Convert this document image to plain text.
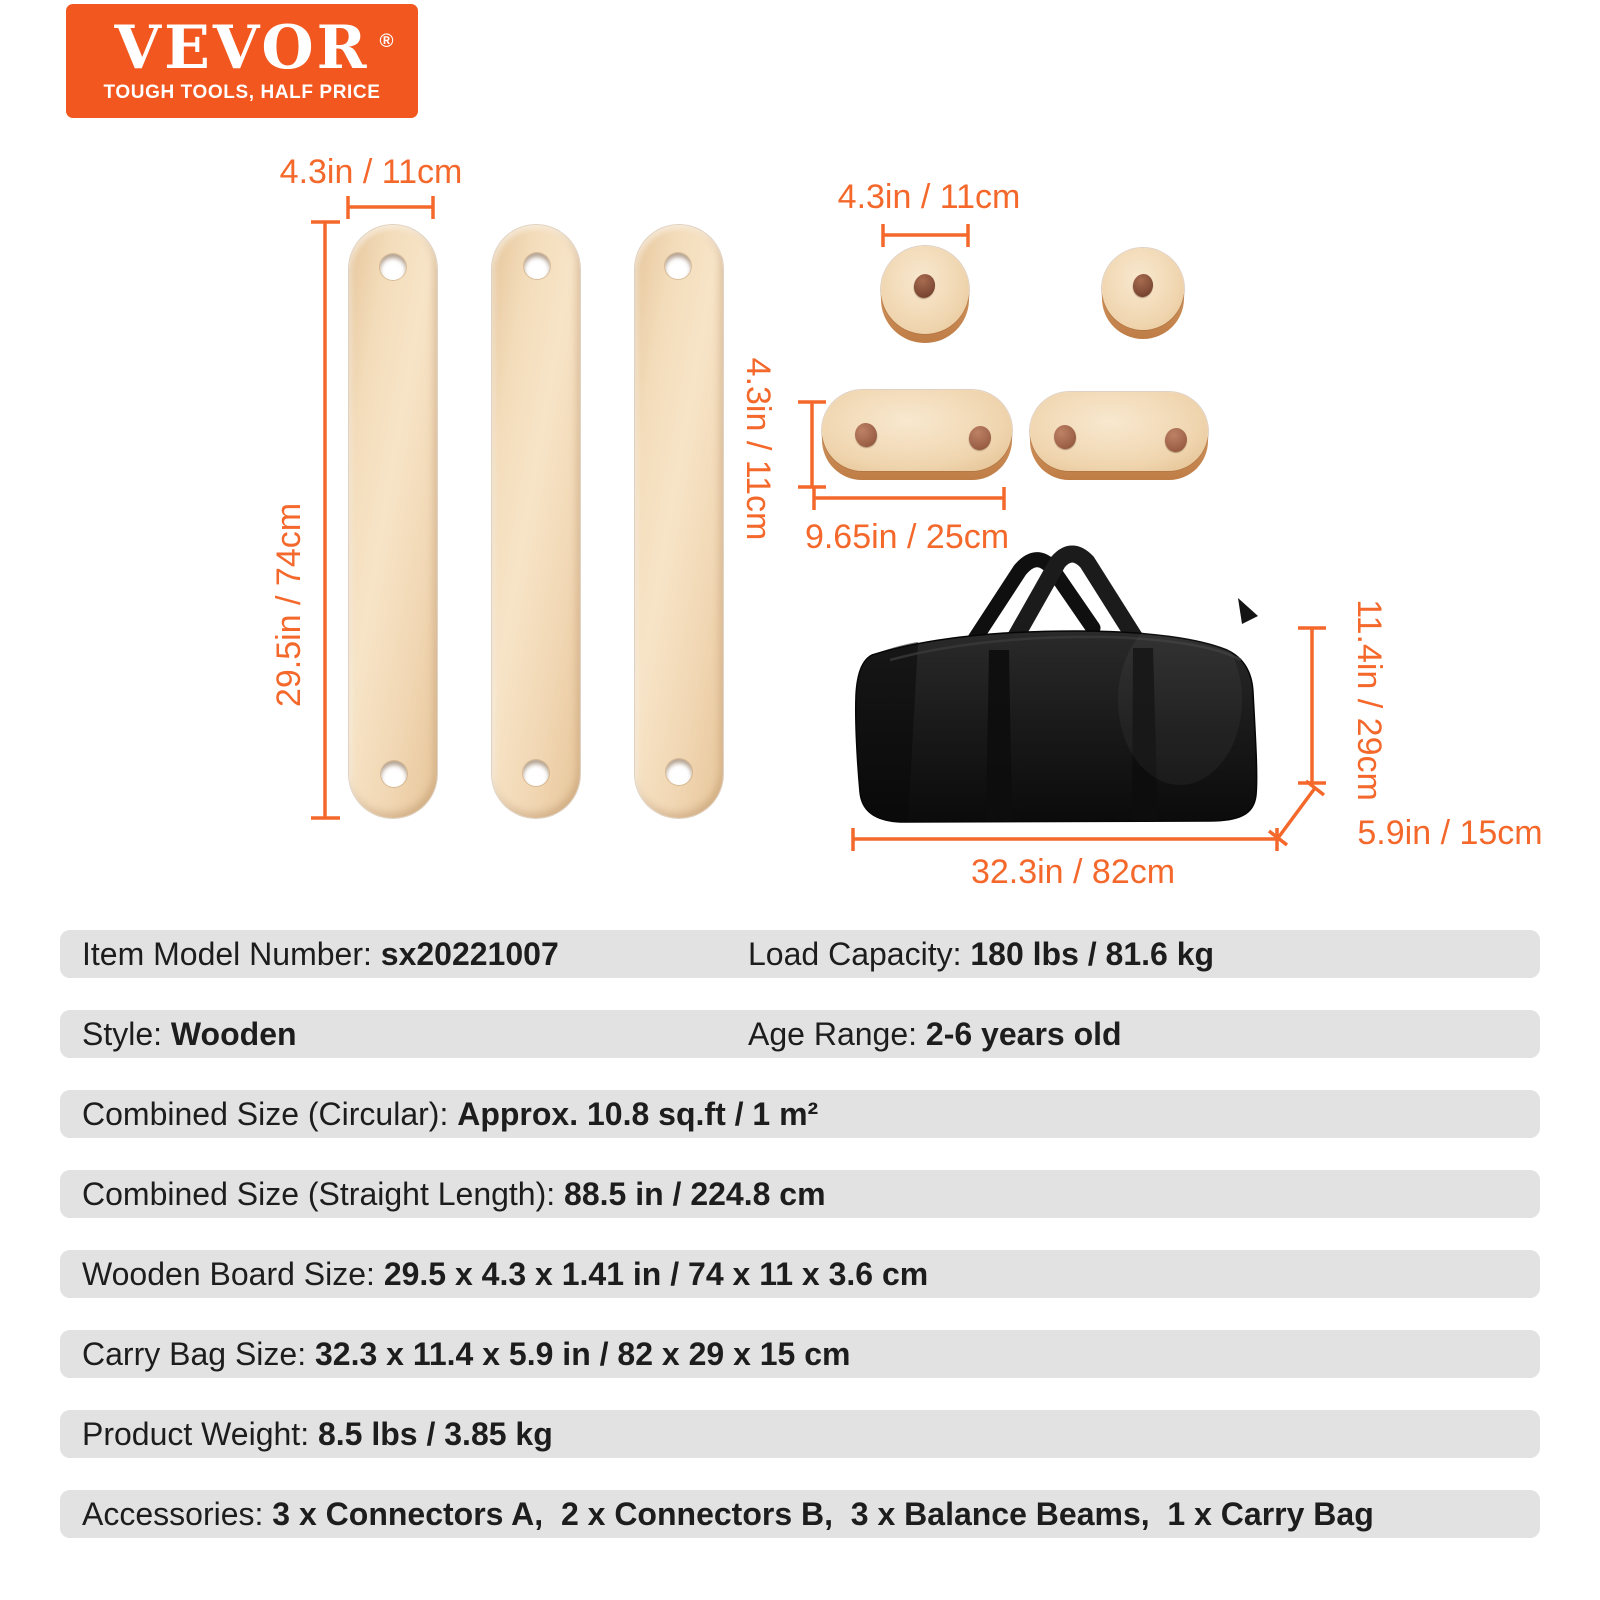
VEVOR ®
TOUGH TOOLS, HALF PRICE
4.3in / 11cm
29.5in / 74cm
4.3in / 11cm
4.3in / 11cm 9.65in / 25cm
32.3in / 82cm
11.4in / 29cm
5.9in / 15cm
Item Model Number: sx20221007	Load Capacity: 180 lbs / 81.6 kg
Style: Wooden	Age Range: 2-6 years old
Combined Size (Circular): Approx. 10.8 sq.ft / 1 m²
Combined Size (Straight Length): 88.5 in / 224.8 cm
Wooden Board Size: 29.5 x 4.3 x 1.41 in / 74 x 11 x 3.6 cm
Carry Bag Size: 32.3 x 11.4 x 5.9 in / 82 x 29 x 15 cm
Product Weight: 8.5 lbs / 3.85 kg
Accessories: 3 x Connectors A,  2 x Connectors B,  3 x Balance Beams,  1 x Carry Bag
